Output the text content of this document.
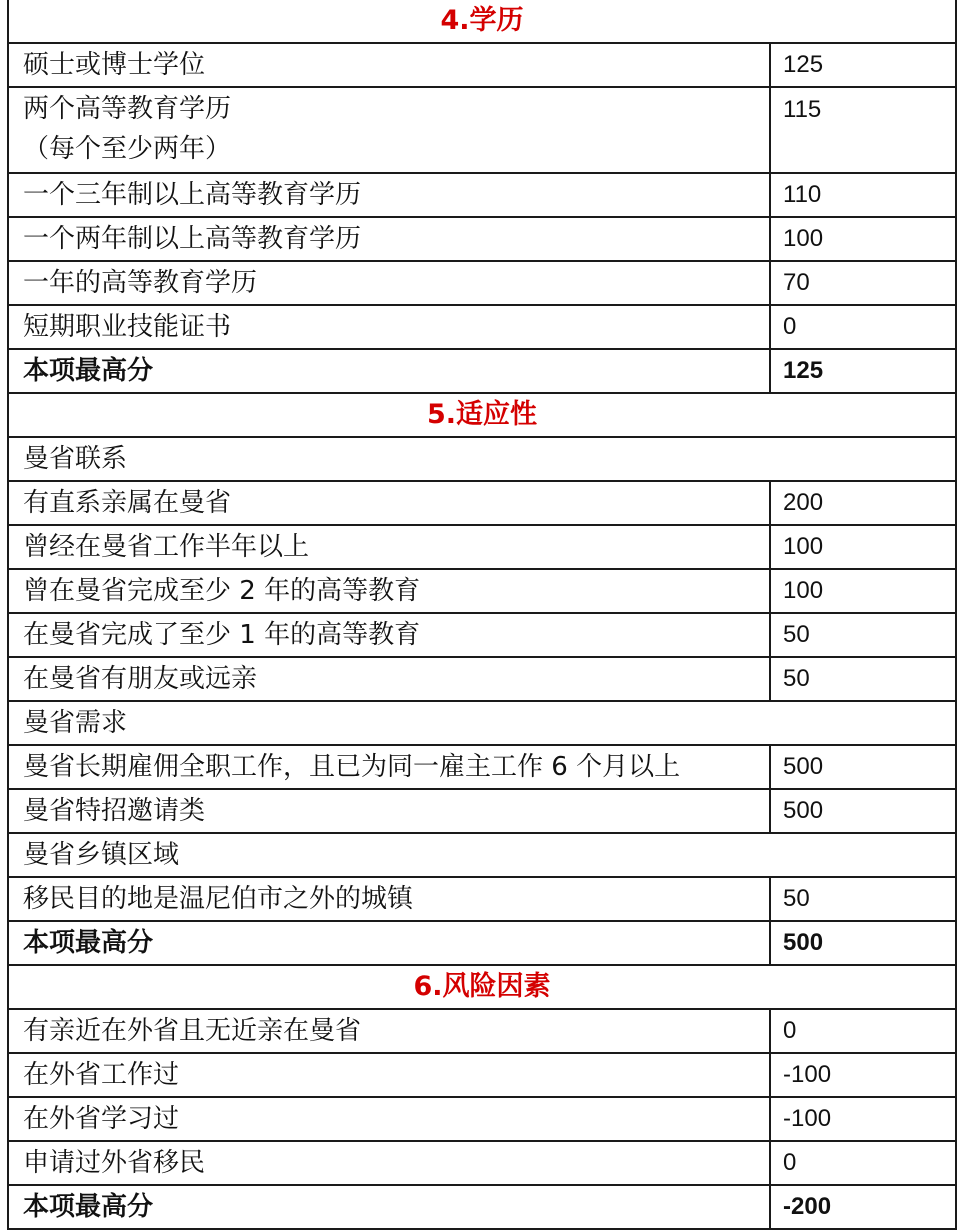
4.学历	
硕士或博士学位	125

两个高等教育学历
（每个至少两年）	115
一个三年制以上高等教育学历	110
一个两年制以上高等教育学历	100
一年的高等教育学历	70
短期职业技能证书	0
本项最高分	125
5.适应性	
曼省联系	
有直系亲属在曼省	200
曾经在曼省工作半年以上	100
曾在曼省完成至少 2 年的高等教育	100
在曼省完成了至少 1 年的高等教育	50
在曼省有朋友或远亲	50
曼省需求	
曼省长期雇佣全职工作，且已为同一雇主工作 6 个月以上	500
曼省特招邀请类	500
曼省乡镇区域	
移民目的地是温尼伯市之外的城镇	50
本项最高分	500
6.风险因素	
有亲近在外省且无近亲在曼省	0
在外省工作过	-100
在外省学习过	-100
申请过外省移民	0
本项最高分	-200
